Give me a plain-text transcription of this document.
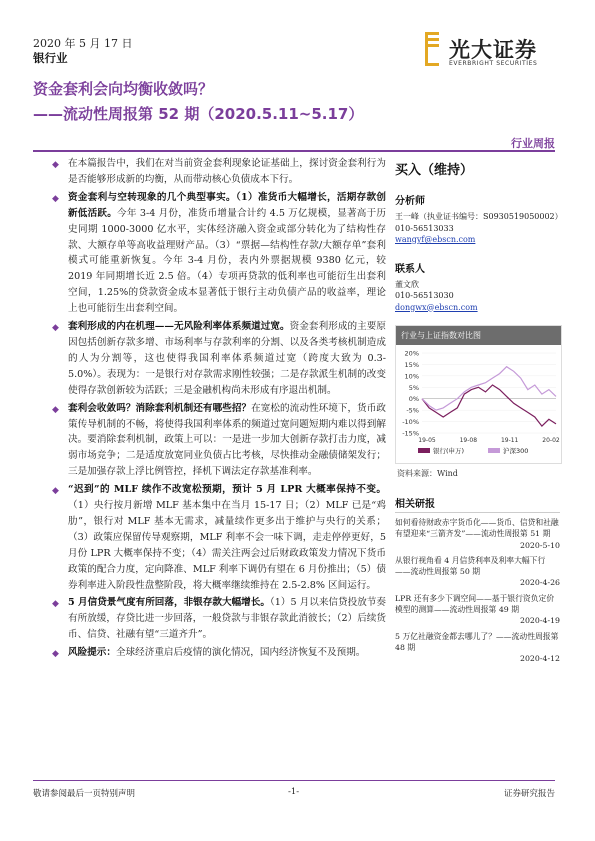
2020 年 5 月 17 日
银行业	光大证券
EVERBRIGHT SECURITIES
资金套利会向均衡收敛吗？
——流动性周报第 52 期（2020.5.11~5.17）
行业周报
◆ 在本篇报告中，我们在对当前资金套利现象论证基础上，探讨资金套利行为是否能够形成新的均衡，从而带动核心负债成本下行。
◆ 资金套利与空转现象的几个典型事实。（1）准货币大幅增长，活期存款创新低活跃。今年 3-4 月份，准货币增量合计约 4.5 万亿规模，显著高于历史同期 1000-3000 亿水平，实体经济融入资金或部分转化为了结构性存款、大额存单等高收益理财产品。（3）“票据—结构性存款/大额存单”套利模式可能重新恢复。今年 3-4 月份，表内外票据规模 9380 亿元，较 2019 年同期增长近 2.5 倍。（4）专项再贷款的低利率也可能衍生出套利空间，1.25%的贷款资金成本显著低于银行主动负债产品的收益率，理论上也可能衍生出套利空间。
◆ 套利形成的内在机理——无风险利率体系频道过宽。资金套利形成的主要原因包括创新存款多增、市场利率与存款利率的分割、以及各类考核机制造成的人为分割等，这也使得我国利率体系频道过宽（跨度大致为 0.3-5.0%）。表现为：一是银行对存款需求刚性较强；二是存款派生机制的改变使得存款创新较为活跃；三是金融机构尚未形成有序退出机制。
◆ 套利会收敛吗？消除套利机制还有哪些招？在宽松的流动性环境下，货币政策传导机制的不畅，将使得我国利率体系的频道过宽问题短期内难以得到解决。要消除套利机制，政策上可以：一是进一步加大创新存款打击力度，减弱市场竞争；二是适度放宽同业负债占比考核，尽快推动金融债储架发行；三是加强存款上浮比例管控，择机下调法定存款基准利率。
◆ “迟到”的 MLF 续作不改宽松预期，预计 5 月 LPR 大概率保持不变。（1）央行按月新增 MLF 基本集中在当月 15-17 日；（2）MLF 已是“鸡肋”，银行对 MLF 基本无需求，减量续作更多出于维护与央行的关系；（3）政策应保留传导观察期，MLF 利率不会一味下调，走走停停更好，5 月份 LPR 大概率保持不变；（4）需关注两会过后财政政策发力情况下货币政策的配合力度，定向降准、MLF 利率下调仍有望在 6 月份推出；（5）债券利率进入阶段性盘整阶段，将大概率继续维持在 2.5-2.8% 区间运行。
◆ 5 月信贷景气度有所回落，非银存款大幅增长。（1）5 月以来信贷投放节奏有所放缓，存贷比进一步回落，一般贷款与非银存款此消彼长；（2）后续货币、信贷、社融有望“三道齐升”。
◆ 风险提示：全球经济重启后疫情的演化情况，国内经济恢复不及预期。
买入（维持）
分析师
王一峰（执业证书编号：S0930519050002）
010-56513033
wangyf@ebscn.com
联系人
董文欣
010-56513030
dongwx@ebscn.com
行业与上证指数对比图
20%
15%
10%
5%
0%
-5%
-10%
-15%
19-05	19-08	19-11	20-02
银行(申万)	沪深300
资料来源：Wind
相关研报
如何看待财政赤字货币化——货币、信贷和社融有望迎来“三箭齐发”——流动性周报第 51 期
2020-5-10
从银行视角看 4 月信贷利率及利率大幅下行——流动性周报第 50 期
2020-4-26
LPR 还有多少下调空间——基于银行资负定价模型的测算——流动性周报第 49 期
2020-4-19
5 万亿社融资金都去哪儿了？——流动性周报第 48 期
2020-4-12
敬请参阅最后一页特别声明	-1-	证券研究报告
